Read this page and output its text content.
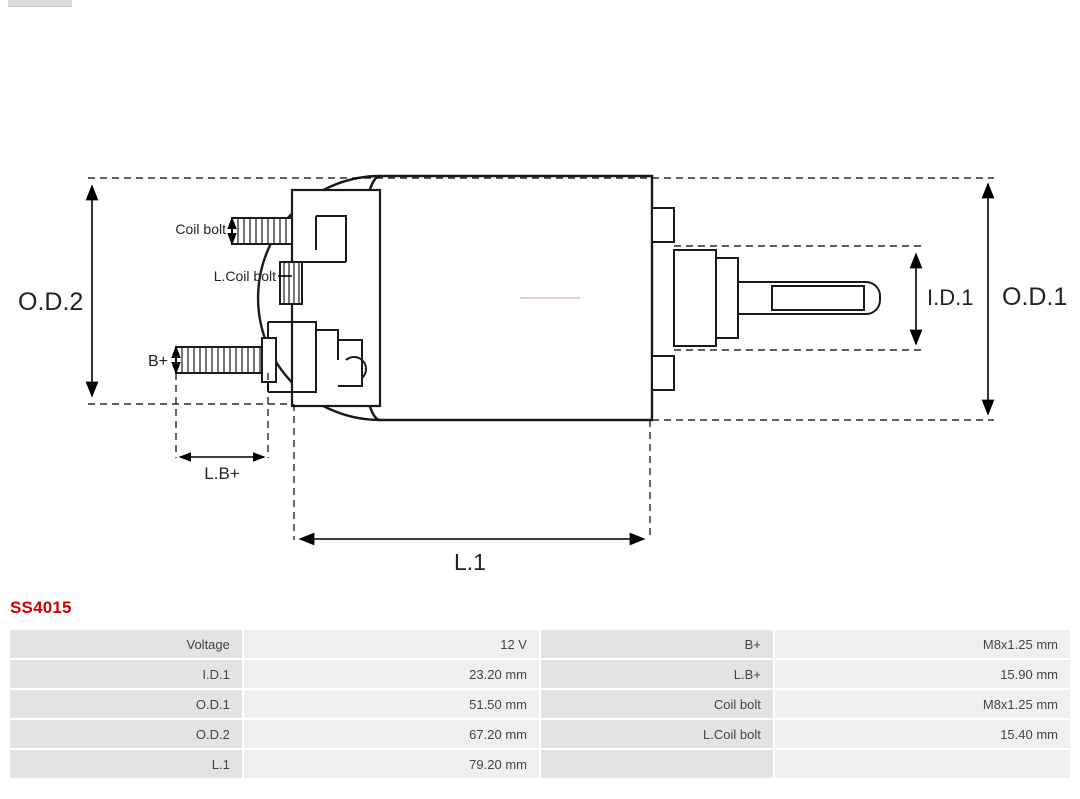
O.D.2	O.D.1
I.D.1
L.1
Coil bolt
L.Coil bolt
B+
L.B+
SS4015
Voltage	12 V	B+	M8x1.25 mm
I.D.1	23.20 mm	L.B+	15.90 mm
O.D.1	51.50 mm	Coil bolt	M8x1.25 mm
O.D.2	67.20 mm	L.Coil bolt	15.40 mm
L.1	79.20 mm		
